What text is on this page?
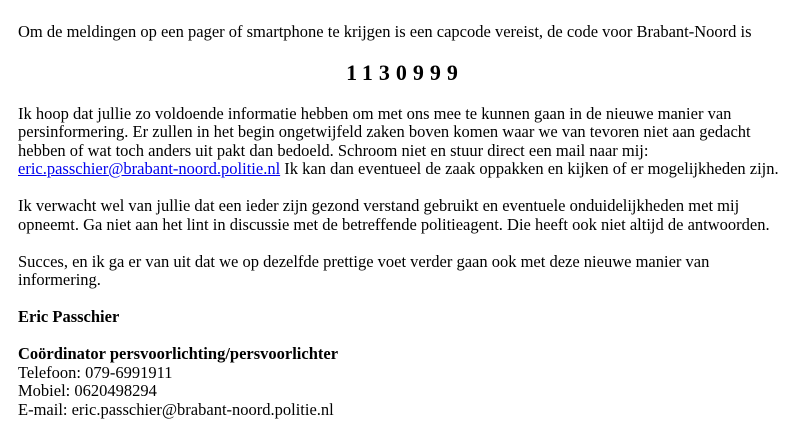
Om de meldingen op een pager of smartphone te krijgen is een capcode vereist, de code voor Brabant-Noord is

1130999

Ik hoop dat jullie zo voldoende informatie hebben om met ons mee te kunnen gaan in de nieuwe manier van persinformering. Er zullen in het begin ongetwijfeld zaken boven komen waar we van tevoren niet aan gedacht hebben of wat toch anders uit pakt dan bedoeld. Schroom niet en stuur direct een mail naar mij:
eric.passchier@brabant-noord.politie.nl Ik kan dan eventueel de zaak oppakken en kijken of er mogelijkheden zijn.

Ik verwacht wel van jullie dat een ieder zijn gezond verstand gebruikt en eventuele onduidelijkheden met mij opneemt. Ga niet aan het lint in discussie met de betreffende politieagent. Die heeft ook niet altijd de antwoorden.

Succes, en ik ga er van uit dat we op dezelfde prettige voet verder gaan ook met deze nieuwe manier van informering.

Eric Passchier

Coördinator persvoorlichting/persvoorlichter

Telefoon: 079-6991911

Mobiel: 0620498294

E-mail: eric.passchier@brabant-noord.politie.nl
